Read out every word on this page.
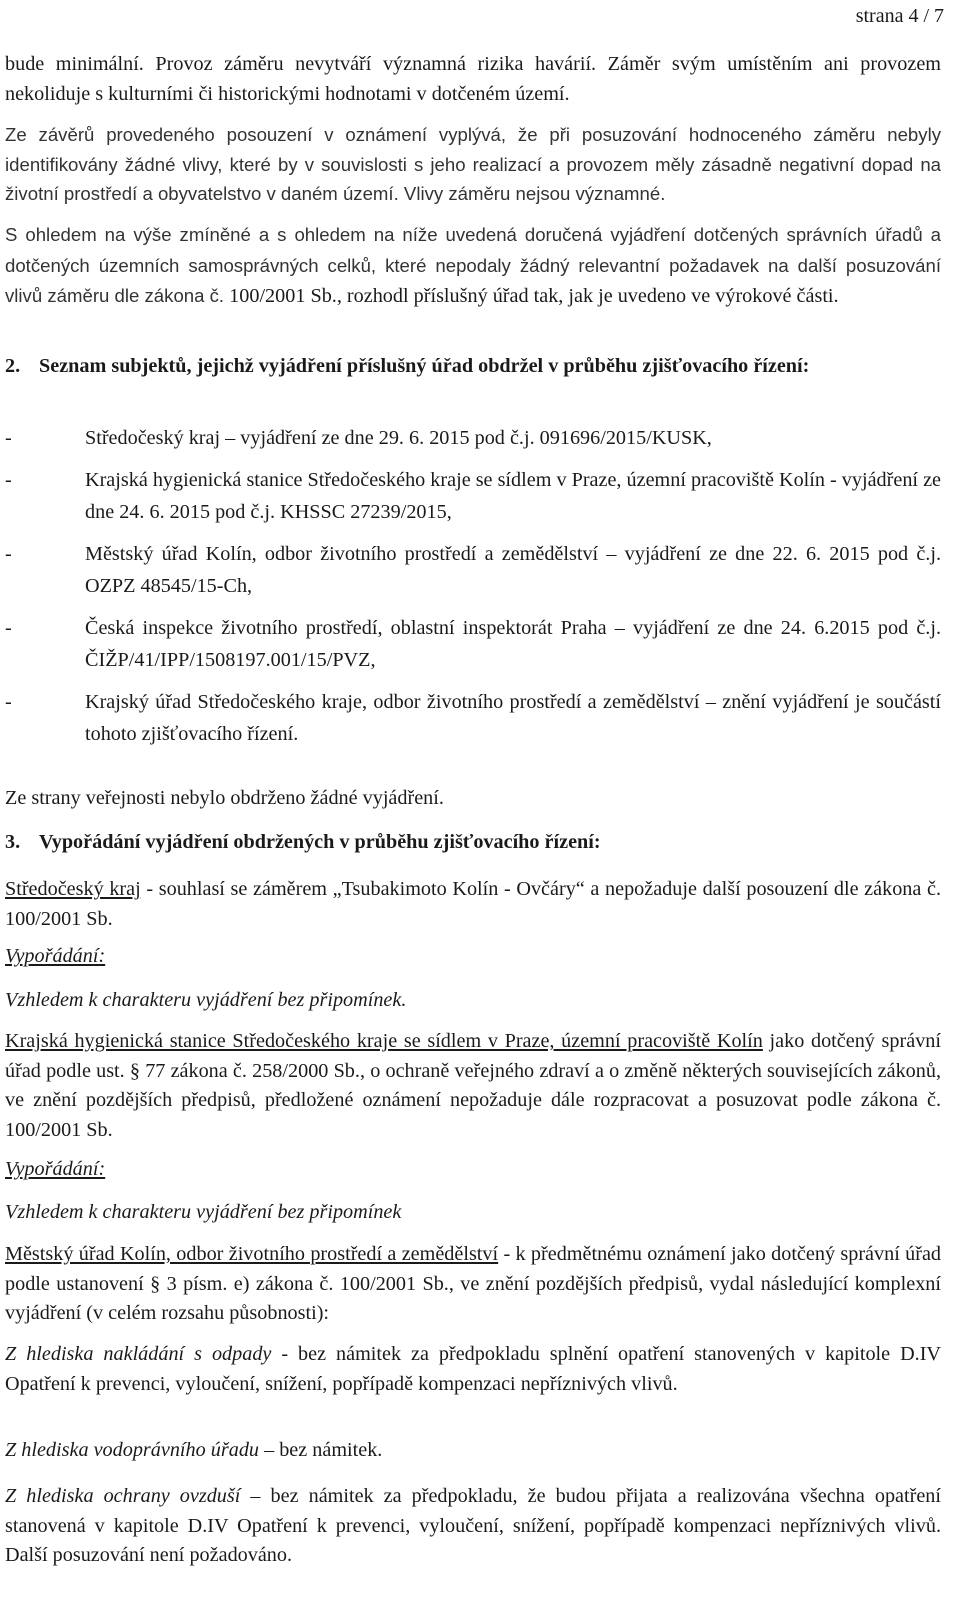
strana 4 / 7

bude minimální. Provoz záměru nevytváří významná rizika havárií. Záměr svým umístěním ani provozem nekoliduje s kulturními či historickými hodnotami v dotčeném území.

Ze závěrů provedeného posouzení v oznámení vyplývá, že při posuzování hodnoceného záměru nebyly identifikovány žádné vlivy, které by v souvislosti s jeho realizací a provozem měly zásadně negativní dopad na životní prostředí a obyvatelstvo v daném území. Vlivy záměru nejsou významné.

S ohledem na výše zmíněné a s ohledem na níže uvedená doručená vyjádření dotčených správních úřadů a dotčených územních samosprávných celků, které nepodaly žádný relevantní požadavek na další posuzování vlivů záměru dle zákona č. 100/2001 Sb., rozhodl příslušný úřad tak, jak je uvedeno ve výrokové části.

2. Seznam subjektů, jejichž vyjádření příslušný úřad obdržel v průběhu zjišťovacího řízení:
-	Středočeský kraj – vyjádření ze dne 29. 6. 2015 pod č.j. 091696/2015/KUSK,
-	Krajská hygienická stanice Středočeského kraje se sídlem v Praze, územní pracoviště Kolín - vyjádření ze dne 24. 6. 2015 pod č.j. KHSSC 27239/2015,
-	Městský úřad Kolín, odbor životního prostředí a zemědělství – vyjádření ze dne 22. 6. 2015 pod č.j. OZPZ 48545/15-Ch,
-	Česká inspekce životního prostředí, oblastní inspektorát Praha – vyjádření ze dne 24. 6.2015 pod č.j. ČIŽP/41/IPP/1508197.001/15/PVZ,
-	Krajský úřad Středočeského kraje, odbor životního prostředí a zemědělství – znění vyjádření je součástí tohoto zjišťovacího řízení.

Ze strany veřejnosti nebylo obdrženo žádné vyjádření.

3. Vypořádání vyjádření obdržených v průběhu zjišťovacího řízení:

Středočeský kraj - souhlasí se záměrem „Tsubakimoto Kolín - Ovčáry“ a nepožaduje další posouzení dle zákona č. 100/2001 Sb.

Vypořádání:

Vzhledem k charakteru vyjádření bez připomínek.

Krajská hygienická stanice Středočeského kraje se sídlem v Praze, územní pracoviště Kolín jako dotčený správní úřad podle ust. § 77 zákona č. 258/2000 Sb., o ochraně veřejného zdraví a o změně některých souvisejících zákonů, ve znění pozdějších předpisů, předložené oznámení nepožaduje dále rozpracovat a posuzovat podle zákona č. 100/2001 Sb.

Vypořádání:

Vzhledem k charakteru vyjádření bez připomínek

Městský úřad Kolín, odbor životního prostředí a zemědělství - k předmětnému oznámení jako dotčený správní úřad podle ustanovení § 3 písm. e) zákona č. 100/2001 Sb., ve znění pozdějších předpisů, vydal následující komplexní vyjádření (v celém rozsahu působnosti):

Z hlediska nakládání s odpady - bez námitek za předpokladu splnění opatření stanovených v kapitole D.IV Opatření k prevenci, vyloučení, snížení, popřípadě kompenzaci nepříznivých vlivů.

Z hlediska vodoprávního úřadu – bez námitek.

Z hlediska ochrany ovzduší – bez námitek za předpokladu, že budou přijata a realizována všechna opatření stanovená v kapitole D.IV Opatření k prevenci, vyloučení, snížení, popřípadě kompenzaci nepříznivých vlivů. Další posuzování není požadováno.
